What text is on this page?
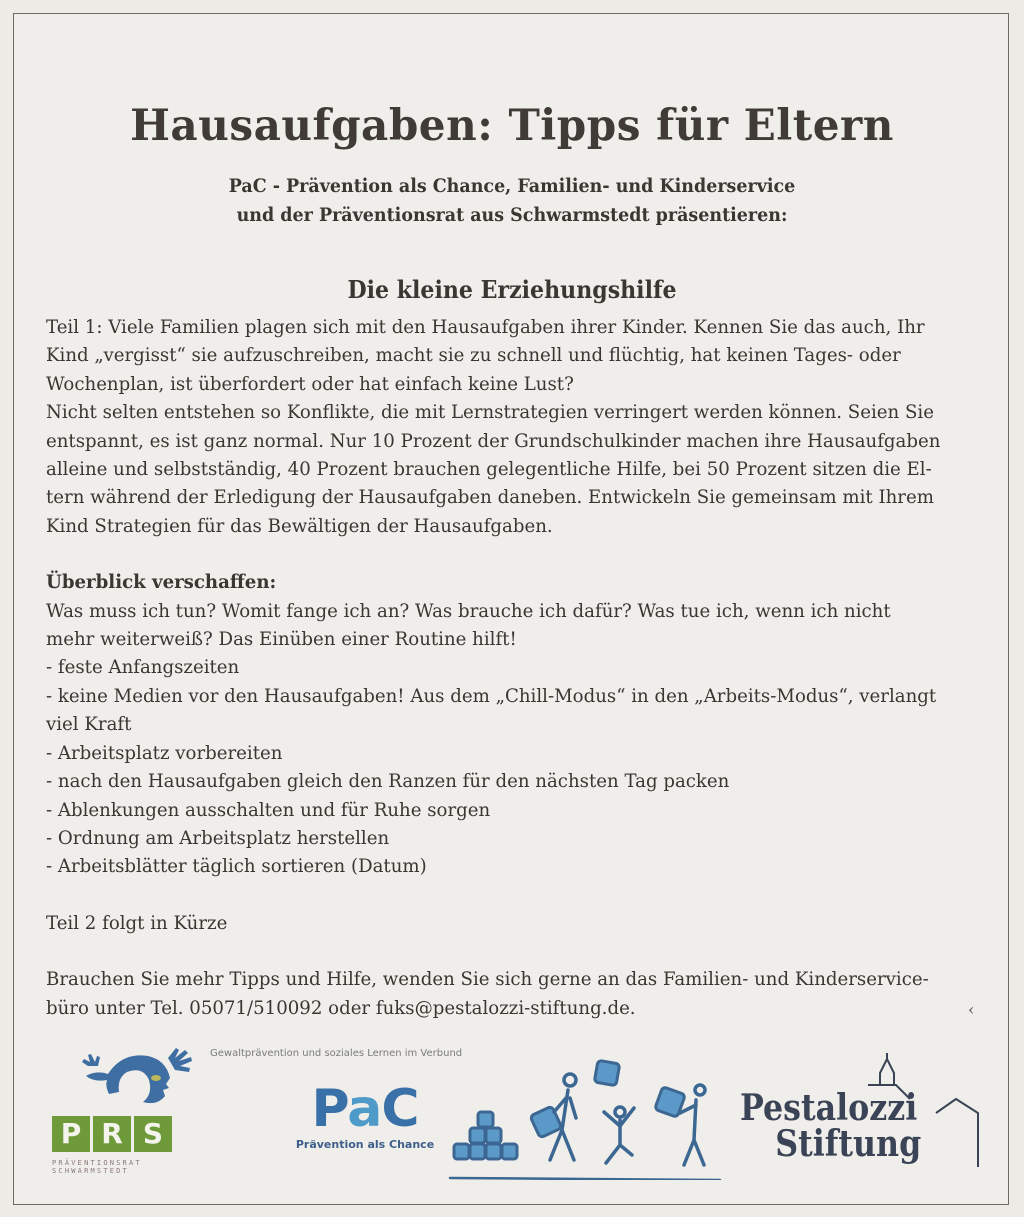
Hausaufgaben: Tipps für Eltern
PaC - Prävention als Chance, Familien- und Kinderservice
und der Präventionsrat aus Schwarmstedt präsentieren:
Die kleine Erziehungshilfe

Teil 1: Viele Familien plagen sich mit den Hausaufgaben ihrer Kinder. Kennen Sie das auch, Ihr

Kind „vergisst“ sie aufzuschreiben, macht sie zu schnell und flüchtig, hat keinen Tages- oder

Wochenplan, ist überfordert oder hat einfach keine Lust?

Nicht selten entstehen so Konflikte, die mit Lernstrategien verringert werden können. Seien Sie

entspannt, es ist ganz normal. Nur 10 Prozent der Grundschulkinder machen ihre Hausaufgaben

alleine und selbstständig, 40 Prozent brauchen gelegentliche Hilfe, bei 50 Prozent sitzen die El-

tern während der Erledigung der Hausaufgaben daneben. Entwickeln Sie gemeinsam mit Ihrem

Kind Strategien für das Bewältigen der Hausaufgaben.

Überblick verschaffen:

Was muss ich tun? Womit fange ich an? Was brauche ich dafür? Was tue ich, wenn ich nicht

mehr weiterweiß? Das Einüben einer Routine hilft!

- feste Anfangszeiten

- keine Medien vor den Hausaufgaben! Aus dem „Chill-Modus“ in den „Arbeits-Modus“, verlangt

viel Kraft

- Arbeitsplatz vorbereiten

- nach den Hausaufgaben gleich den Ranzen für den nächsten Tag packen

- Ablenkungen ausschalten und für Ruhe sorgen

- Ordnung am Arbeitsplatz herstellen

- Arbeitsblätter täglich sortieren (Datum)

Teil 2 folgt in Kürze

Brauchen Sie mehr Tipps und Hilfe, wenden Sie sich gerne an das Familien- und Kinderservice-

büro unter Tel. 05071/510092 oder fuks@pestalozzi-stiftung.de.	‹
P R S
PRÄVENTIONSRAT
SCHWARMSTEDT
Gewaltprävention und soziales Lernen im Verbund
PaC
Prävention als Chance
Pestalozzi
Stiftung
